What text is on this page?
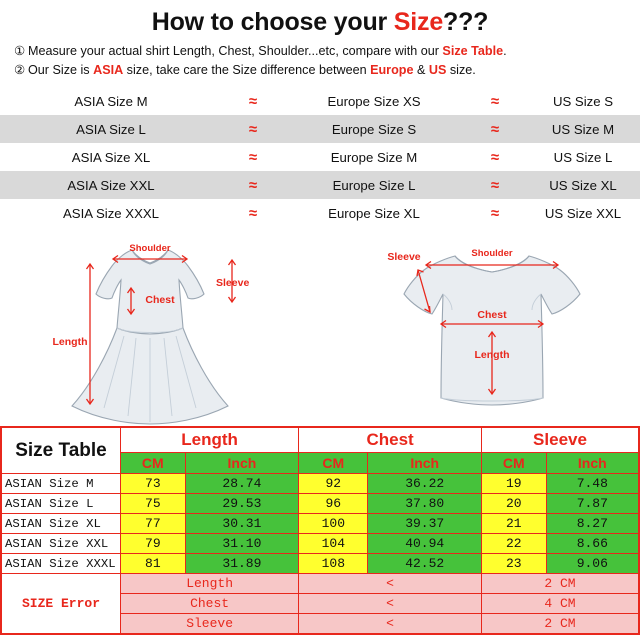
How to choose your Size???
① Measure your actual shirt Length, Chest, Shoulder...etc, compare with our Size Table.
② Our Size is ASIA size, take care the Size difference between Europe & US size.
ASIA Size M	≈	Europe Size XS	≈	US Size S
ASIA Size L	≈	Europe Size S	≈	US Size M
ASIA Size XL	≈	Europe Size M	≈	US Size L
ASIA Size XXL	≈	Europe Size L	≈	US Size XL
ASIA Size XXXL	≈	Europe Size XL	≈	US Size XXL
Shoulder
Chest
Sleeve
Length
Shoulder
Sleeve
Chest
Length
Size Table	Length		Chest		Sleeve	
	CM	Inch	CM	Inch	CM	Inch
ASIAN Size M	73	28.74	92	36.22	19	7.48
ASIAN Size L	75	29.53	96	37.80	20	7.87
ASIAN Size XL	77	30.31	100	39.37	21	8.27
ASIAN Size XXL	79	31.10	104	40.94	22	8.66
ASIAN Size XXXL	81	31.89	108	42.52	23	9.06
SIZE Error	Length		<		2 CM	
	Chest		<		4 CM	
	Sleeve		<		2 CM	
